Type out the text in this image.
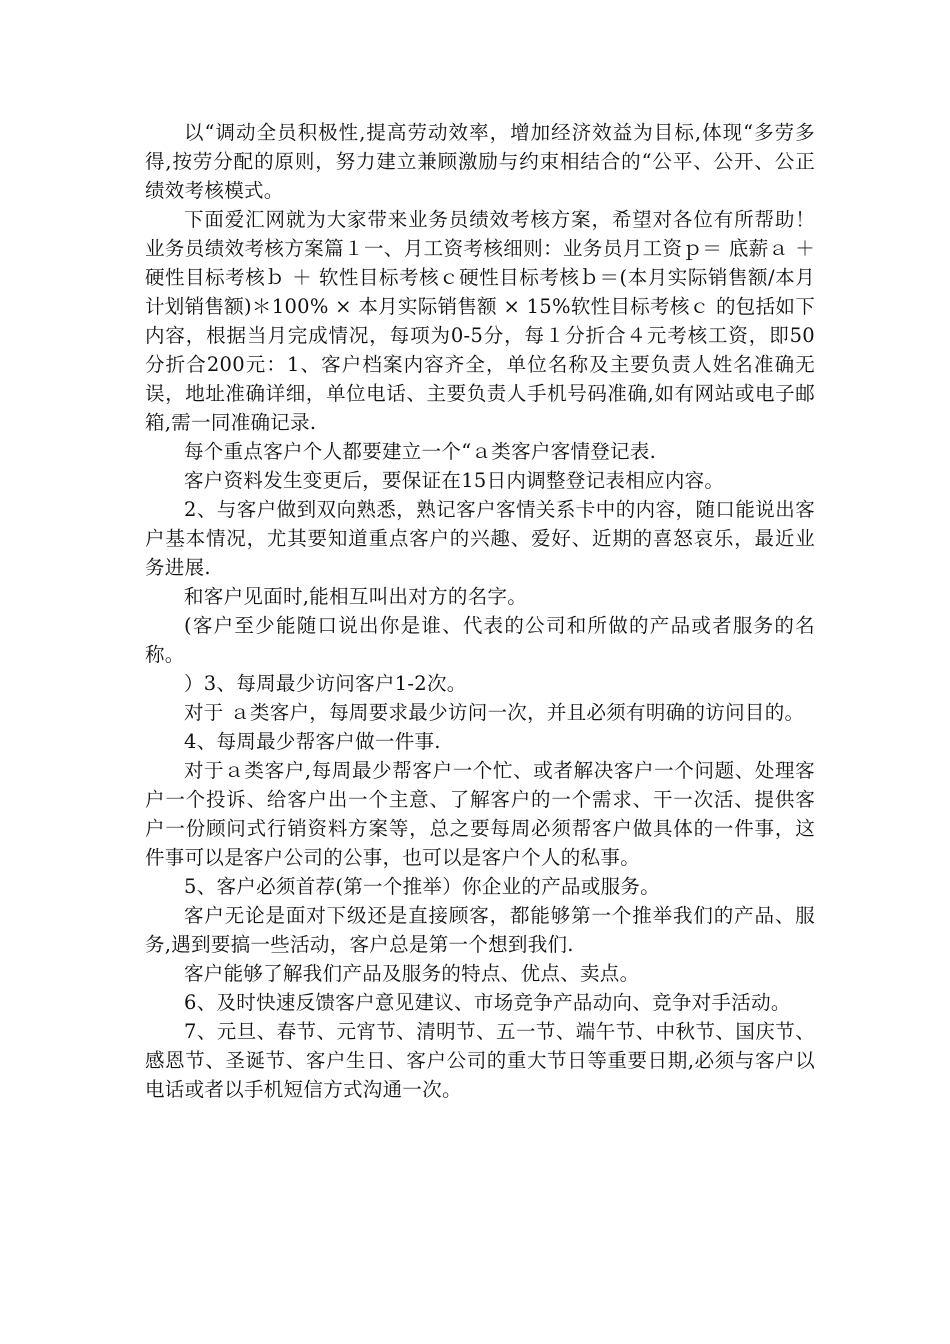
以“调动全员积极性,提高劳动效率，增加经济效益为目标,体现“多劳多得,按劳分配的原则，努力建立兼顾激励与约束相结合的“公平、公开、公正绩效考核模式。

下面爱汇网就为大家带来业务员绩效考核方案，希望对各位有所帮助！业务员绩效考核方案篇１一、月工资考核细则：业务员月工资ｐ＝ 底薪ａ ＋ 硬性目标考核ｂ ＋ 软性目标考核ｃ硬性目标考核ｂ＝(本月实际销售额/本月计划销售额)＊100% × 本月实际销售额 × 15%软性目标考核ｃ 的包括如下内容，根据当月完成情况，每项为0-5分，每１分折合４元考核工资，即50分折合200元：1、客户档案内容齐全，单位名称及主要负责人姓名准确无误，地址准确详细，单位电话、主要负责人手机号码准确,如有网站或电子邮箱,需一同准确记录.

每个重点客户个人都要建立一个“ａ类客户客情登记表.

客户资料发生变更后，要保证在15日内调整登记表相应内容。

2、与客户做到双向熟悉，熟记客户客情关系卡中的内容，随口能说出客户基本情况，尤其要知道重点客户的兴趣、爱好、近期的喜怒哀乐，最近业务进展.

和客户见面时,能相互叫出对方的名字。

(客户至少能随口说出你是谁、代表的公司和所做的产品或者服务的名称。

）3、每周最少访问客户1-2次。

对于 ａ类客户，每周要求最少访问一次，并且必须有明确的访问目的。

4、每周最少帮客户做一件事.

对于ａ类客户,每周最少帮客户一个忙、或者解决客户一个问题、处理客户一个投诉、给客户出一个主意、了解客户的一个需求、干一次活、提供客户一份顾问式行销资料方案等，总之要每周必须帮客户做具体的一件事，这件事可以是客户公司的公事，也可以是客户个人的私事。

5、客户必须首荐(第一个推举）你企业的产品或服务。

客户无论是面对下级还是直接顾客，都能够第一个推举我们的产品、服务,遇到要搞一些活动，客户总是第一个想到我们.

客户能够了解我们产品及服务的特点、优点、卖点。

6、及时快速反馈客户意见建议、市场竞争产品动向、竞争对手活动。

7、元旦、春节、元宵节、清明节、五一节、端午节、中秋节、国庆节、感恩节、圣诞节、客户生日、客户公司的重大节日等重要日期,必须与客户以电话或者以手机短信方式沟通一次。
